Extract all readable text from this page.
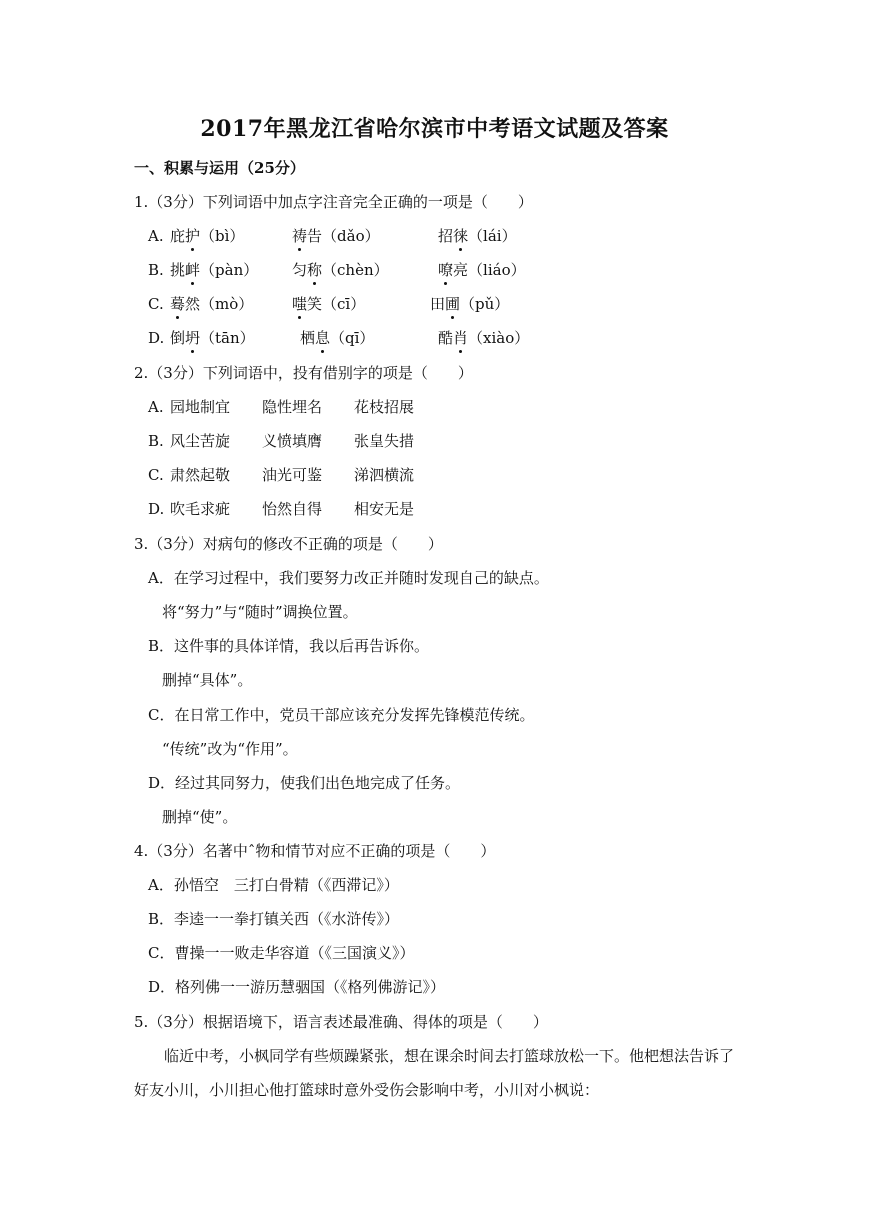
2017年黑龙江省哈尔滨市中考语文试题及答案
一、积累与运用（25分）
1.（3分）下列词语中加点字注音完全正确的一项是（　　）
A. 庇护（bì）	祷告（dǎo）	招徕（lái）
B. 挑衅（pàn） 匀称（chèn）	嘹亮（liáo）
C. 蓦然（mò）	嗤笑（cī）	田圃（pǔ）
D. 倒坍（tān）	栖息（qī）	酷肖（xiào）
2.（3分）下列词语中，投有借别字的项是（　　）
A. 园地制宜 隐性埋名 花枝招展
B. 风尘苦旋 义愤填膺 张皇失措
C. 肃然起敬 油光可鉴 涕泗横流
D. 吹毛求疵 怡然自得 相安无是
3.（3分）对病句的修改不正确的项是（　　）
A．在学习过程中，我们要努力改正并随时发现自己的缺点。
将“努力”与“随时”调换位置。
B．这件事的具体详情，我以后再告诉你。
删掉“具体”。
C．在日常工作中，党员干部应该充分发挥先锋模范传统。
“传统”改为“作用”。
D．经过其同努力，使我们出色地完成了任务。
删掉“使”。
4.（3分）名著中ˆ物和情节对应不正确的项是（　　）
A．孙悟空　三打白骨精（《西滞记》）
B．李逵一一拳打镇关西（《水浒传》）
C．曹操一一败走华容道（《三国演义》）
D．格列佛一一游历慧骃国（《格列佛游记》）
5.（3分）根据语境下，语言表述最准确、得体的项是（　　）
临近中考，小枫同学有些烦躁紧张，想在课余时间去打篮球放松一下。他杷想法告诉了好友小川，小川担心他打篮球时意外受伤会影响中考，小川对小枫说：
